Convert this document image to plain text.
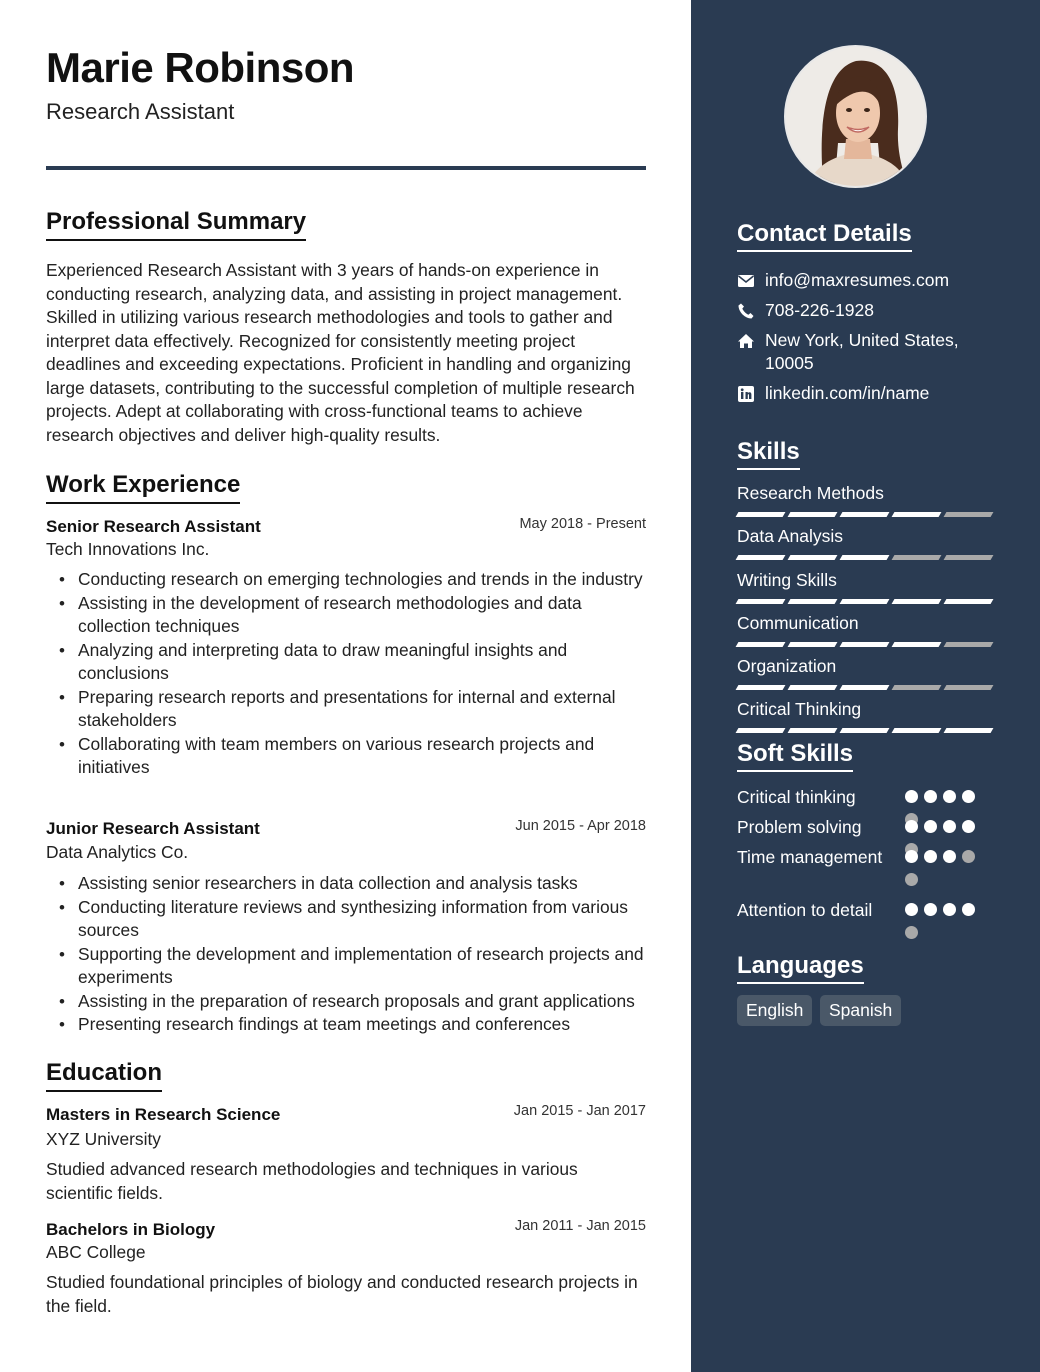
Marie Robinson
Research Assistant
Professional Summary

Experienced Research Assistant with 3 years of hands-on experience in conducting research, analyzing data, and assisting in project management. Skilled in utilizing various research methodologies and tools to gather and interpret data effectively. Recognized for consistently meeting project deadlines and exceeding expectations. Proficient in handling and organizing large datasets, contributing to the successful completion of multiple research projects. Adept at collaborating with cross-functional teams to achieve research objectives and deliver high-quality results.

Work Experience
Senior Research Assistant	May 2018 - Present
Tech Innovations Inc.
• Conducting research on emerging technologies and trends in the industry
• Assisting in the development of research methodologies and data collection techniques
• Analyzing and interpreting data to draw meaningful insights and conclusions
• Preparing research reports and presentations for internal and external stakeholders
• Collaborating with team members on various research projects and initiatives
Junior Research Assistant	Jun 2015 - Apr 2018
Data Analytics Co.
• Assisting senior researchers in data collection and analysis tasks
• Conducting literature reviews and synthesizing information from various sources
• Supporting the development and implementation of research projects and experiments
• Assisting in the preparation of research proposals and grant applications
• Presenting research findings at team meetings and conferences
Education
Masters in Research Science	Jan 2015 - Jan 2017
XYZ University

Studied advanced research methodologies and techniques in various scientific fields.

Bachelors in Biology	Jan 2011 - Jan 2015
ABC College

Studied foundational principles of biology and conducted research projects in the field.

Contact Details
info@maxresumes.com
708-226-1928
New York, United States, 10005
linkedin.com/in/name
Skills
Research Methods
Data Analysis
Writing Skills
Communication
Organization
Critical Thinking
Soft Skills
Critical thinking
Problem solving
Time management
Attention to detail
Languages
English	Spanish
